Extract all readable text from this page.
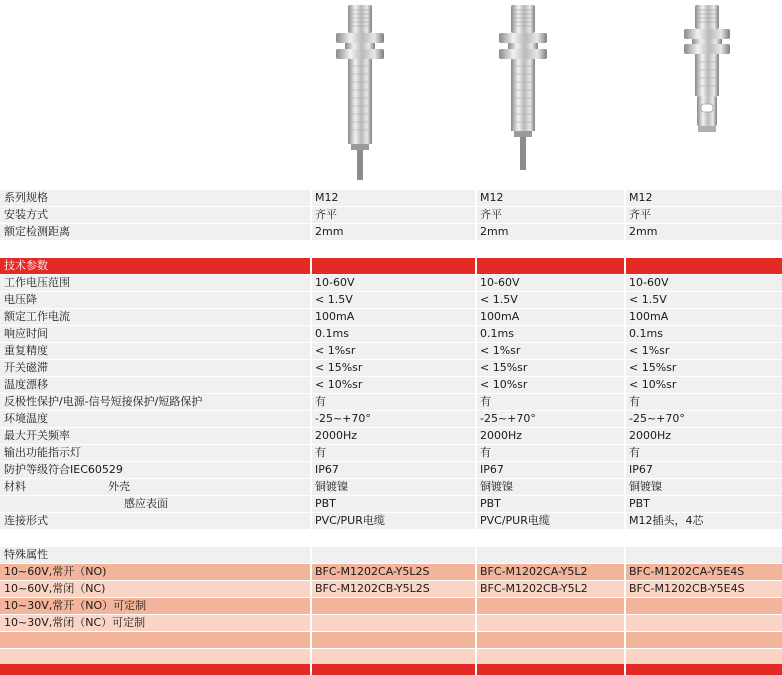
系列规格	M12	M12	M12
安装方式	齐平	齐平	齐平
额定检测距离	2mm	2mm	2mm
技术参数
工作电压范围	10-60V	10-60V	10-60V
电压降	< 1.5V	< 1.5V	< 1.5V
额定工作电流	100mA	100mA	100mA
响应时间	0.1ms	0.1ms	0.1ms
重复精度	< 1%sr	< 1%sr	< 1%sr
开关磁滞	< 15%sr	< 15%sr	< 15%sr
温度漂移	< 10%sr	< 10%sr	< 10%sr
反极性保护/电源-信号短接保护/短路保护	有	有	有
环境温度	-25~+70°	-25~+70°	-25~+70°
最大开关频率	2000Hz	2000Hz	2000Hz
输出功能指示灯	有	有	有
防护等级符合IEC60529	IP67	IP67	IP67
材料	外壳	铜镀镍	铜镀镍	铜镀镍
感应表面	PBT	PBT	PBT
连接形式	PVC/PUR电缆	PVC/PUR电缆	M12插头，4芯
特殊属性
10~60V,常开（NO)	BFC-M1202CA-Y5L2S	BFC-M1202CA-Y5L2	BFC-M1202CA-Y5E4S
10~60V,常闭（NC)	BFC-M1202CB-Y5L2S	BFC-M1202CB-Y5L2	BFC-M1202CB-Y5E4S
10~30V,常开（NO）可定制
10~30V,常闭（NC）可定制
